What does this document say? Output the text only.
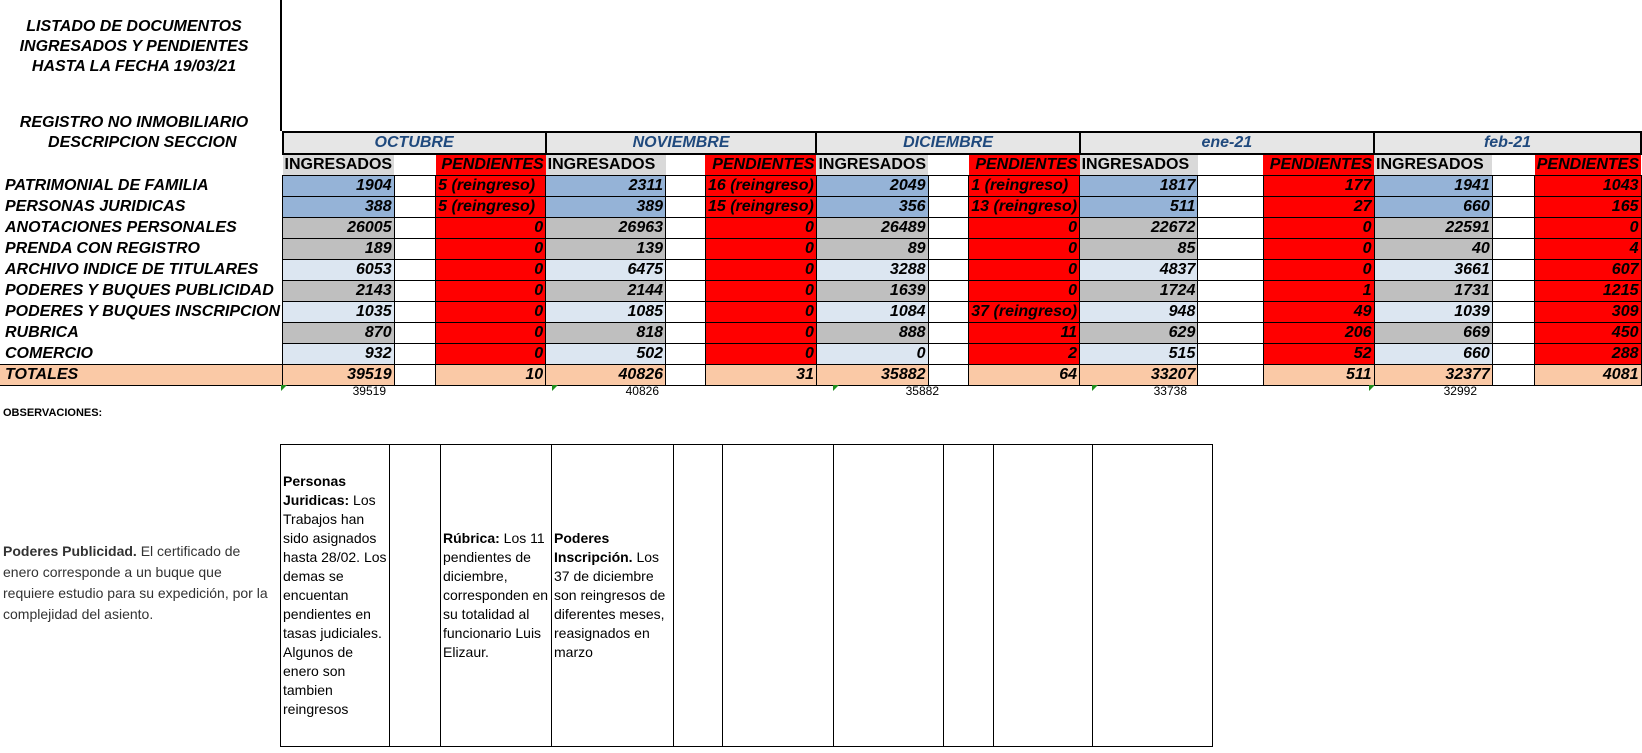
LISTADO DE DOCUMENTOS
INGRESADOS Y PENDIENTES
HASTA LA FECHA 19/03/21
REGISTRO NO INMOBILIARIO
DESCRIPCION SECCION	OCTUBRE			NOVIEMBRE			DICIEMBRE			ene-21			feb-21		
	INGRESADOS		PENDIENTES	INGRESADOS		PENDIENTES	INGRESADOS		PENDIENTES	INGRESADOS		PENDIENTES	INGRESADOS		PENDIENTES
PATRIMONIAL DE FAMILIA	1904		5 (reingreso)	2311		16 (reingreso)	2049		1 (reingreso)	1817		177	1941		1043
PERSONAS JURIDICAS	388		5 (reingreso)	389		15 (reingreso)	356		13 (reingreso)	511		27	660		165
ANOTACIONES PERSONALES	26005		0	26963		0	26489		0	22672		0	22591		0
PRENDA CON REGISTRO	189		0	139		0	89		0	85		0	40		4
ARCHIVO INDICE DE TITULARES	6053		0	6475		0	3288		0	4837		0	3661		607
PODERES Y BUQUES PUBLICIDAD	2143		0	2144		0	1639		0	1724		1	1731		1215
PODERES Y BUQUES INSCRIPCION	1035		0	1085		0	1084		37 (reingreso)	948		49	1039		309
RUBRICA	870		0	818		0	888		11	629		206	669		450
COMERCIO	932		0	502		0	0		2	515		52	660		288
TOTALES	39519		10	40826		31	35882		64	33207		511	32377		4081
39519	40826	35882	33738	32992
OBSERVACIONES:
Poderes Publicidad. El certificado de enero corresponde a un buque que requiere estudio para su expedición, por la complejidad del asiento.
Personas Juridicas: Los Trabajos han sido asignados hasta 28/02. Los demas se encuentan pendientes en tasas judiciales. Algunos de enero son tambien reingresos

Rúbrica: Los 11 pendientes de diciembre, corresponden en su totalidad al funcionario Luis Elizaur.

Poderes Inscripción. Los 37 de diciembre son reingresos de diferentes meses, reasignados en marzo
